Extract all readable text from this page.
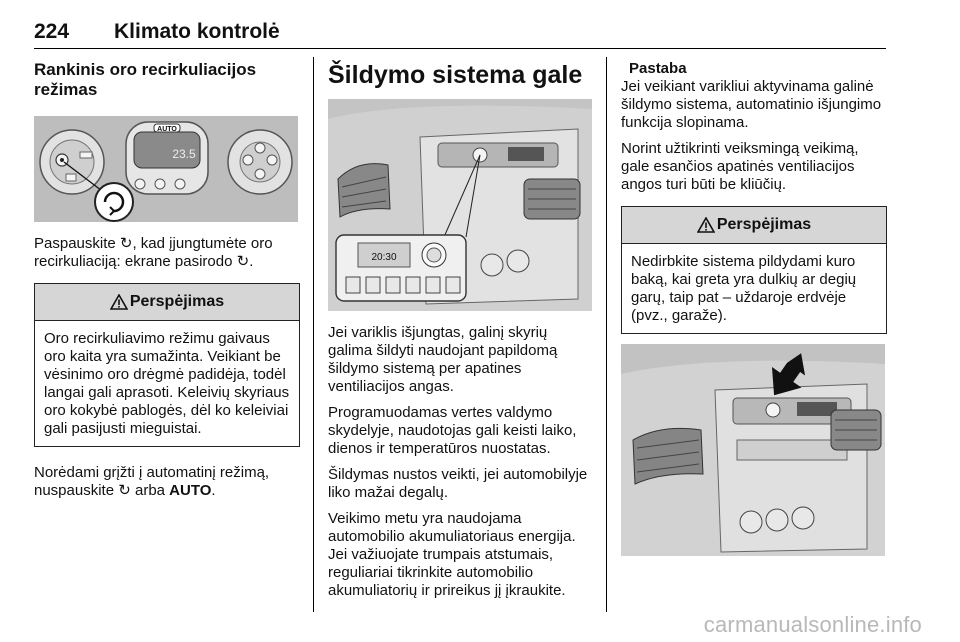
224 Klimato kontrolė
Rankinis oro recirkuliacijos režimas
AUTO
23.5

Paspauskite ↻, kad įjungtumėte oro recirkuliaciją: ekrane pasirodo ↻.

Perspėjimas
Oro recirkuliavimo režimu gaivaus oro kaita yra sumažinta. Veikiant be vėsinimo oro drėgmė padidėja, todėl langai gali aprasoti. Keleivių skyriaus oro kokybė pablogės, dėl ko keleiviai gali pasijusti mieguistai.

Norėdami grįžti į automatinį režimą, nuspauskite ↻ arba AUTO.

Šildymo sistema gale
20:30

Jei variklis išjungtas, galinį skyrių galima šildyti naudojant papildomą šildymo sistemą per apatines ventiliacijos angas.

Programuodamas vertes valdymo skydelyje, naudotojas gali keisti laiko, dienos ir temperatūros nuostatas.

Šildymas nustos veikti, jei automobilyje liko mažai degalų.

Veikimo metu yra naudojama automobilio akumuliatoriaus energija. Jei važiuojate trumpais atstumais, reguliariai tikrinkite automobilio akumuliatorių ir prireikus jį įkraukite.

Pastaba

Jei veikiant varikliui aktyvinama galinė šildymo sistema, automatinio išjungimo funkcija slopinama.

Norint užtikrinti veiksmingą veikimą, gale esančios apatinės ventiliacijos angos turi būti be kliūčių.

Perspėjimas
Nedirbkite sistema pildydami kuro baką, kai greta yra dulkių ar degių garų, taip pat – uždaroje erdvėje (pvz., garaže).
carmanualsonline.info
